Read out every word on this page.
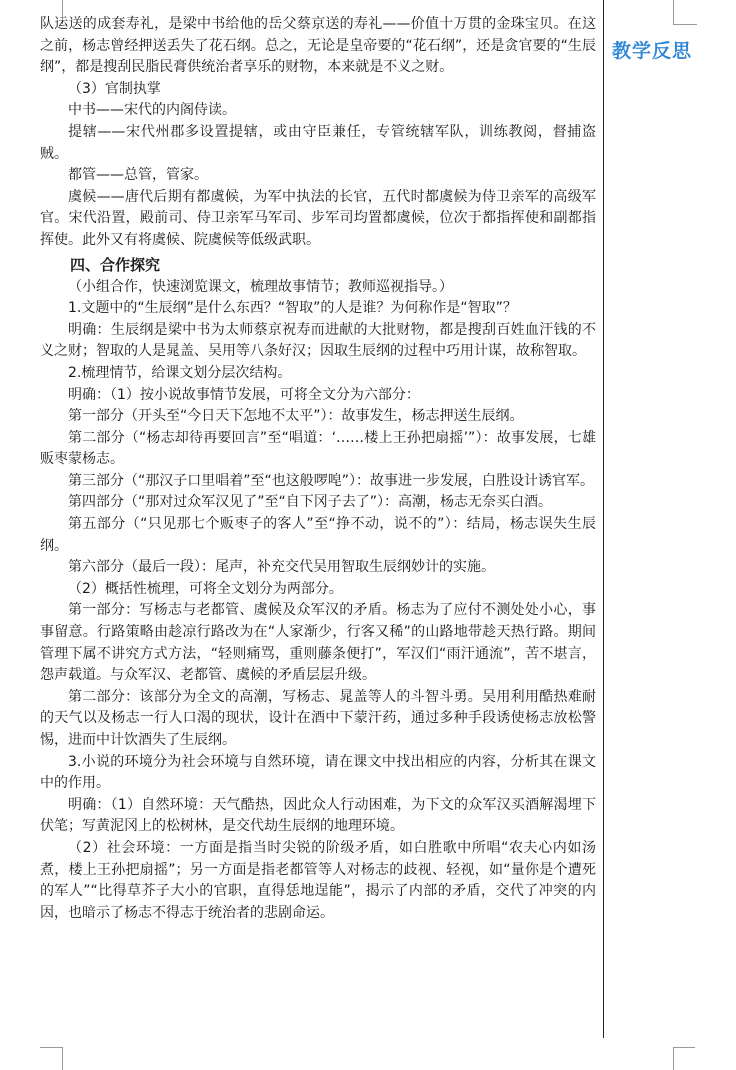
教学反思

队运送的成套寿礼，是梁中书给他的岳父蔡京送的寿礼——价值十万贯的金珠宝贝。在这之前，杨志曾经押送丢失了花石纲。总之，无论是皇帝要的“花石纲”，还是贪官要的“生辰纲”，都是搜刮民脂民膏供统治者享乐的财物，本来就是不义之财。

（3）官制执掌

中书——宋代的内阁侍读。

提辖——宋代州郡多设置提辖，或由守臣兼任，专管统辖军队，训练教阅，督捕盗贼。

都管——总管，管家。

虞候——唐代后期有都虞候，为军中执法的长官，五代时都虞候为侍卫亲军的高级军官。宋代沿置，殿前司、侍卫亲军马军司、步军司均置都虞候，位次于都指挥使和副都指挥使。此外又有将虞候、院虞候等低级武职。

四、合作探究

（小组合作，快速浏览课文，梳理故事情节；教师巡视指导。）

1.文题中的“生辰纲”是什么东西？“智取”的人是谁？为何称作是“智取”？

明确：生辰纲是梁中书为太师蔡京祝寿而进献的大批财物，都是搜刮百姓血汗钱的不义之财；智取的人是晁盖、吴用等八条好汉；因取生辰纲的过程中巧用计谋，故称智取。

2.梳理情节，给课文划分层次结构。

明确：（1）按小说故事情节发展，可将全文分为六部分：

第一部分（开头至“今日天下怎地不太平”）：故事发生，杨志押送生辰纲。

第二部分（“杨志却待再要回言”至“唱道：‘……楼上王孙把扇摇’”）：故事发展，七雄贩枣蒙杨志。

第三部分（“那汉子口里唱着”至“也这般啰唣”）：故事进一步发展，白胜设计诱官军。

第四部分（“那对过众军汉见了”至“自下冈子去了”）：高潮，杨志无奈买白酒。

第五部分（“只见那七个贩枣子的客人”至“挣不动，说不的”）：结局，杨志误失生辰纲。

第六部分（最后一段）：尾声，补充交代吴用智取生辰纲妙计的实施。

（2）概括性梳理，可将全文划分为两部分。

第一部分：写杨志与老都管、虞候及众军汉的矛盾。杨志为了应付不测处处小心，事事留意。行路策略由趁凉行路改为在“人家渐少，行客又稀”的山路地带趁天热行路。期间管理下属不讲究方式方法，“轻则痛骂，重则藤条便打”，军汉们“雨汗通流”，苦不堪言，怨声载道。与众军汉、老都管、虞候的矛盾层层升级。

第二部分：该部分为全文的高潮，写杨志、晁盖等人的斗智斗勇。吴用利用酷热难耐的天气以及杨志一行人口渴的现状，设计在酒中下蒙汗药，通过多种手段诱使杨志放松警惕，进而中计饮酒失了生辰纲。

3.小说的环境分为社会环境与自然环境，请在课文中找出相应的内容，分析其在课文中的作用。

明确：（1）自然环境：天气酷热，因此众人行动困难，为下文的众军汉买酒解渴埋下伏笔；写黄泥冈上的松树林，是交代劫生辰纲的地理环境。

（2）社会环境：一方面是指当时尖锐的阶级矛盾，如白胜歌中所唱“农夫心内如汤煮，楼上王孙把扇摇”；另一方面是指老都管等人对杨志的歧视、轻视，如“量你是个遭死的军人”“比得草芥子大小的官职，直得恁地逞能”，揭示了内部的矛盾，交代了冲突的内因，也暗示了杨志不得志于统治者的悲剧命运。
